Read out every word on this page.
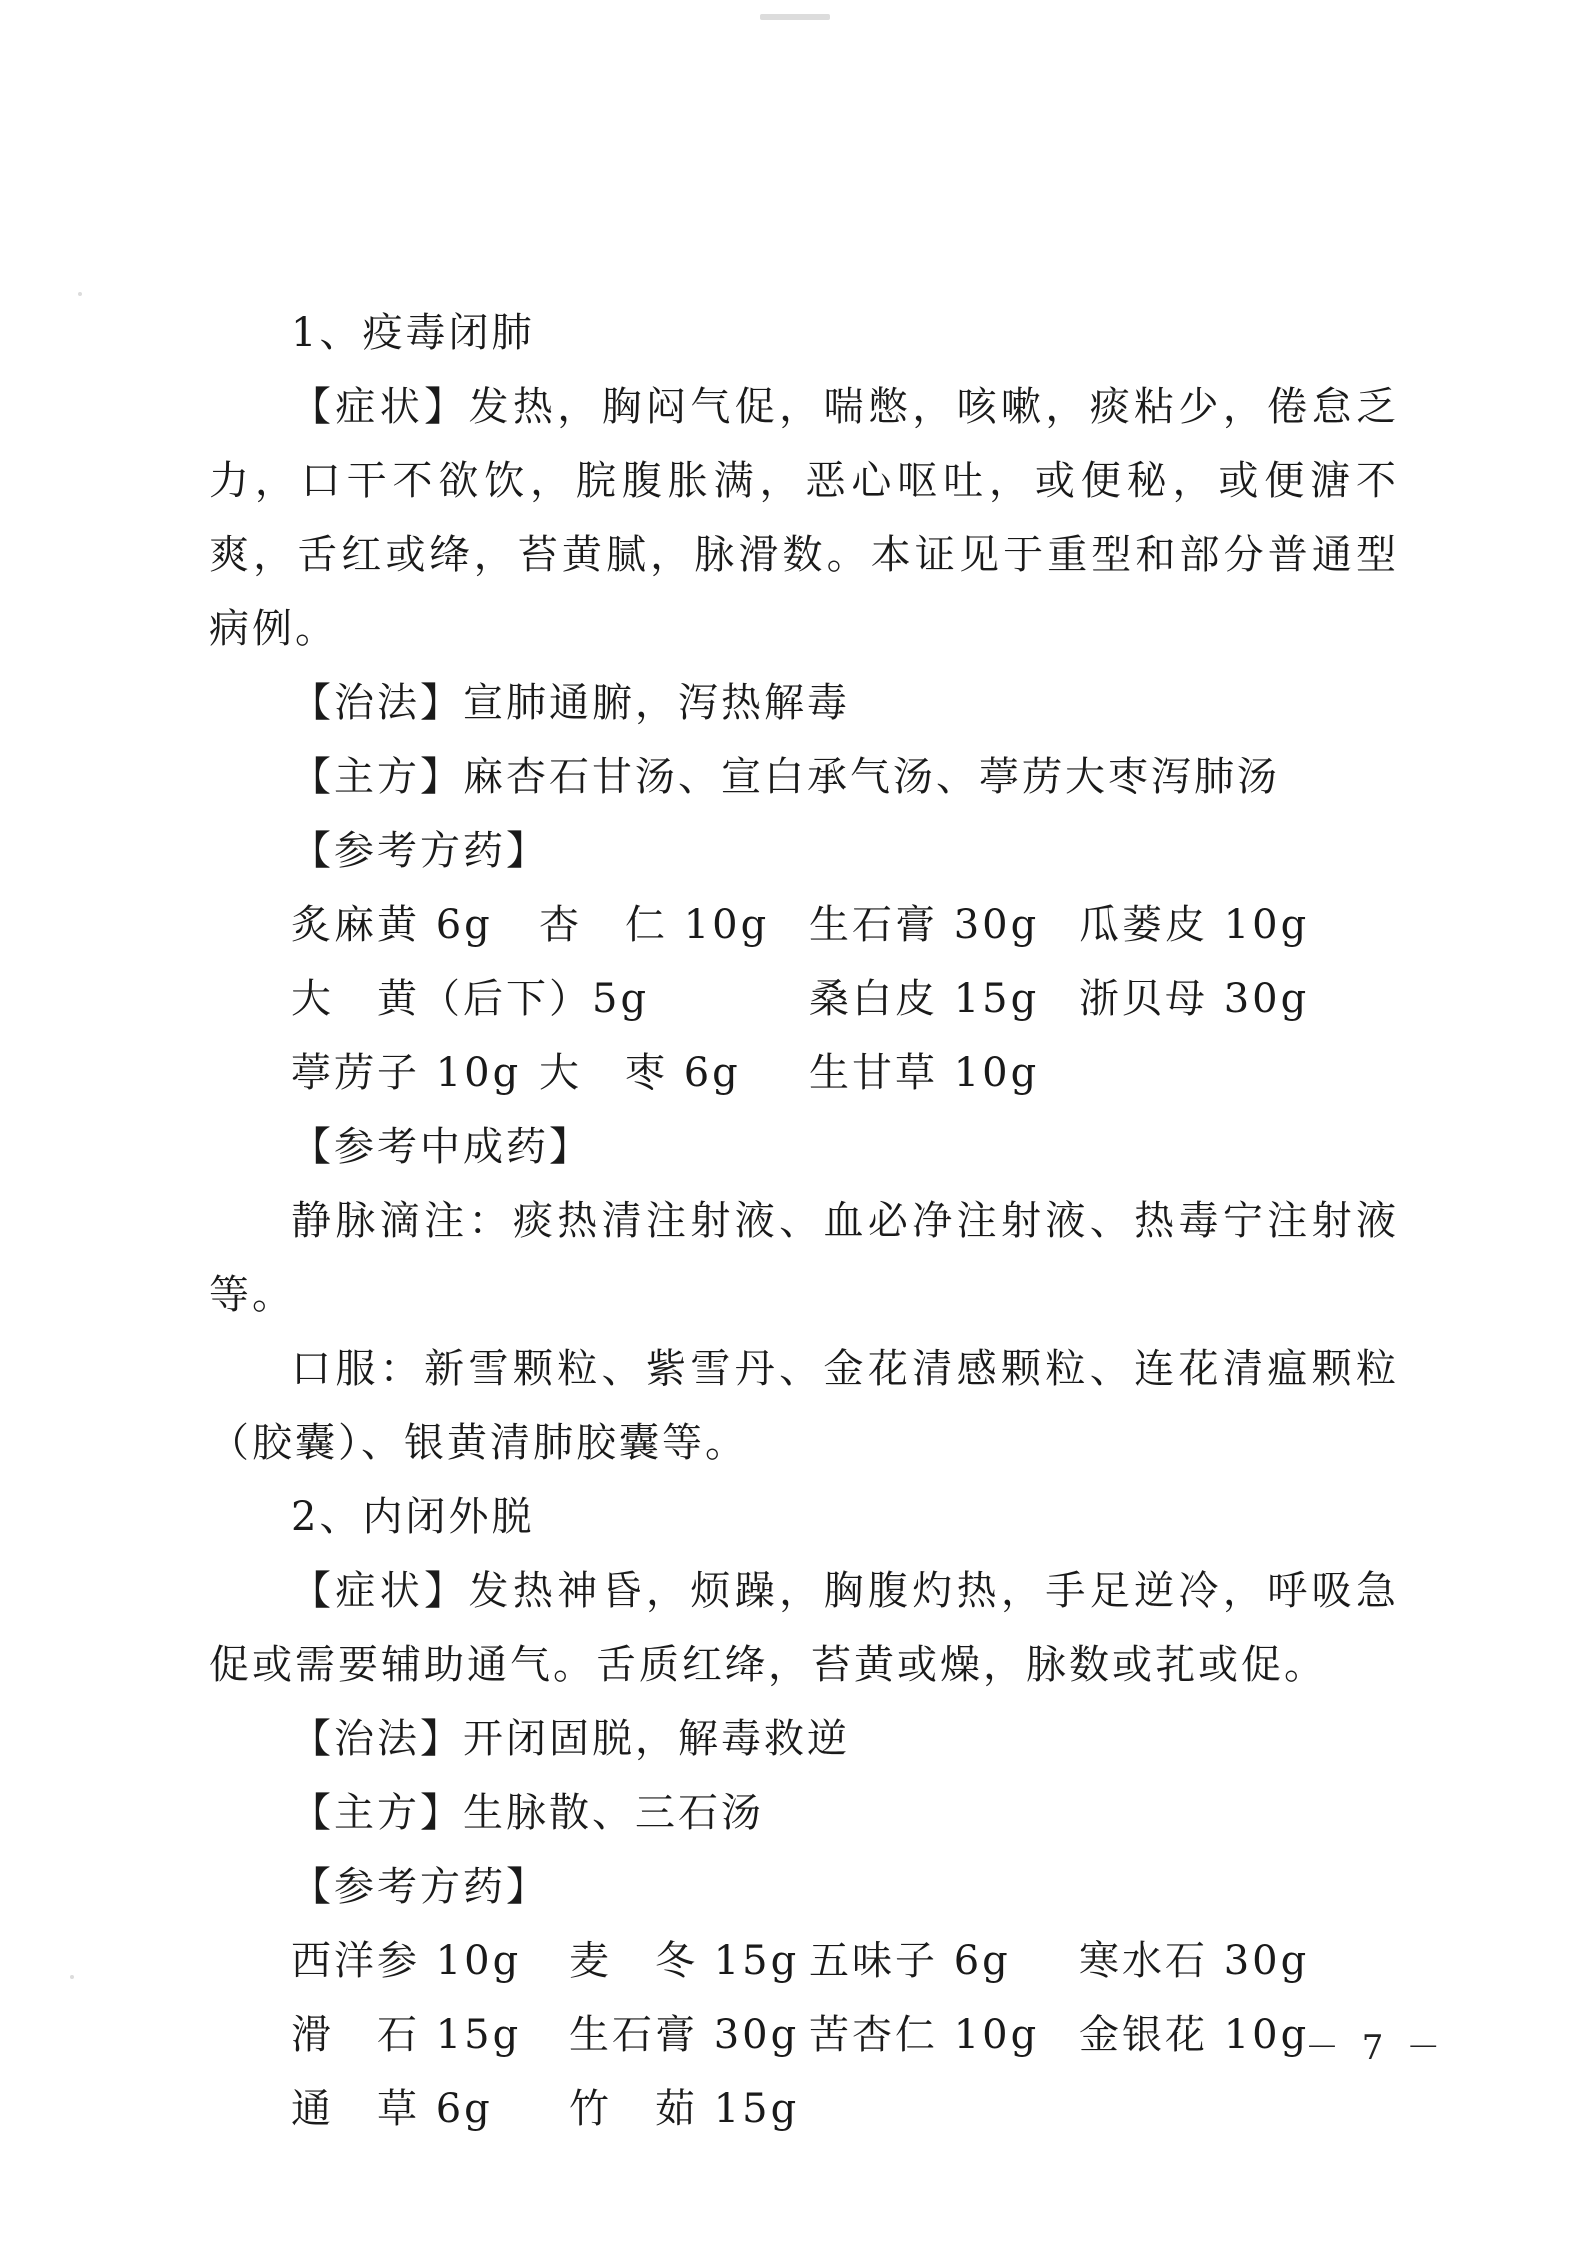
1、疫毒闭肺

【症状】发热，胸闷气促，喘憋，咳嗽，痰粘少，倦怠乏力，口干不欲饮，脘腹胀满，恶心呕吐，或便秘，或便溏不爽，舌红或绛，苔黄腻，脉滑数。本证见于重型和部分普通型病例。

【治法】宣肺通腑，泻热解毒
【主方】麻杏石甘汤、宣白承气汤、葶苈大枣泻肺汤
【参考方药】
炙麻黄 6g 杏　仁 10g 生石膏 30g 瓜蒌皮 10g
大　黄（后下）5g	桑白皮 15g 浙贝母 30g
葶苈子 10g 大　枣 6g 生甘草 10g
【参考中成药】

静脉滴注：痰热清注射液、血必净注射液、热毒宁注射液等。

口服：新雪颗粒、紫雪丹、金花清感颗粒、连花清瘟颗粒（胶囊）、银黄清肺胶囊等。

2、内闭外脱

【症状】发热神昏，烦躁，胸腹灼热，手足逆冷，呼吸急促或需要辅助通气。舌质红绛，苔黄或燥，脉数或芤或促。

【治法】开闭固脱，解毒救逆
【主方】生脉散、三石汤
【参考方药】
西洋参 10g 麦　冬 15g 五味子 6g 寒水石 30g
滑　石 15g 生石膏 30g 苦杏仁 10g 金银花 10g
通　草 6g 竹　茹 15g
－ 7 －
